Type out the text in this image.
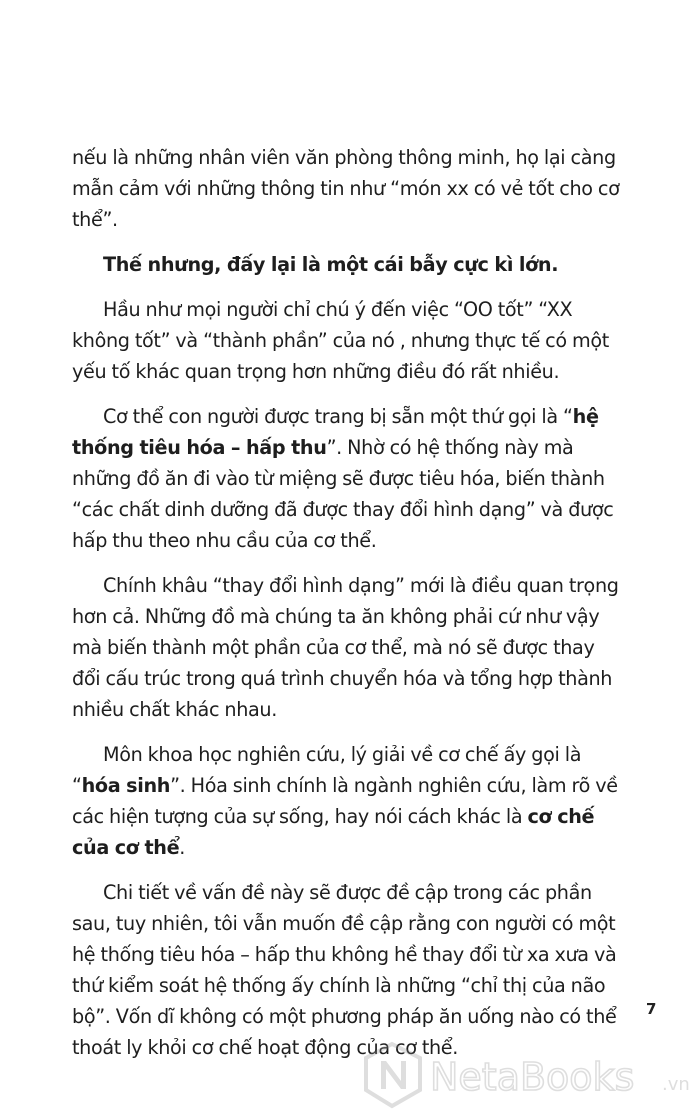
nếu là những nhân viên văn phòng thông minh, họ lại càng mẫn cảm với những thông tin như “món xx có vẻ tốt cho cơ thể”.

Thế nhưng, đấy lại là một cái bẫy cực kì lớn.

Hầu như mọi người chỉ chú ý đến việc “OO tốt” “XX không tốt” và “thành phần” của nó , nhưng thực tế có một yếu tố khác quan trọng hơn những điều đó rất nhiều.

Cơ thể con người được trang bị sẵn một thứ gọi là “hệ thống tiêu hóa – hấp thu”. Nhờ có hệ thống này mà những đồ ăn đi vào từ miệng sẽ được tiêu hóa, biến thành “các chất dinh dưỡng đã được thay đổi hình dạng” và được hấp thu theo nhu cầu của cơ thể.

Chính khâu “thay đổi hình dạng” mới là điều quan trọng hơn cả. Những đồ mà chúng ta ăn không phải cứ như vậy mà biến thành một phần của cơ thể, mà nó sẽ được thay đổi cấu trúc trong quá trình chuyển hóa và tổng hợp thành nhiều chất khác nhau.

Môn khoa học nghiên cứu, lý giải về cơ chế ấy gọi là “hóa sinh”. Hóa sinh chính là ngành nghiên cứu, làm rõ về các hiện tượng của sự sống, hay nói cách khác là cơ chế của cơ thể.

Chi tiết về vấn đề này sẽ được đề cập trong các phần sau, tuy nhiên, tôi vẫn muốn đề cập rằng con người có một hệ thống tiêu hóa – hấp thu không hề thay đổi từ xa xưa và thứ kiểm soát hệ thống ấy chính là những “chỉ thị của não bộ”. Vốn dĩ không có một phương pháp ăn uống nào có thể thoát ly khỏi cơ chế hoạt động của cơ thể.

7
NetaBooks .vn
